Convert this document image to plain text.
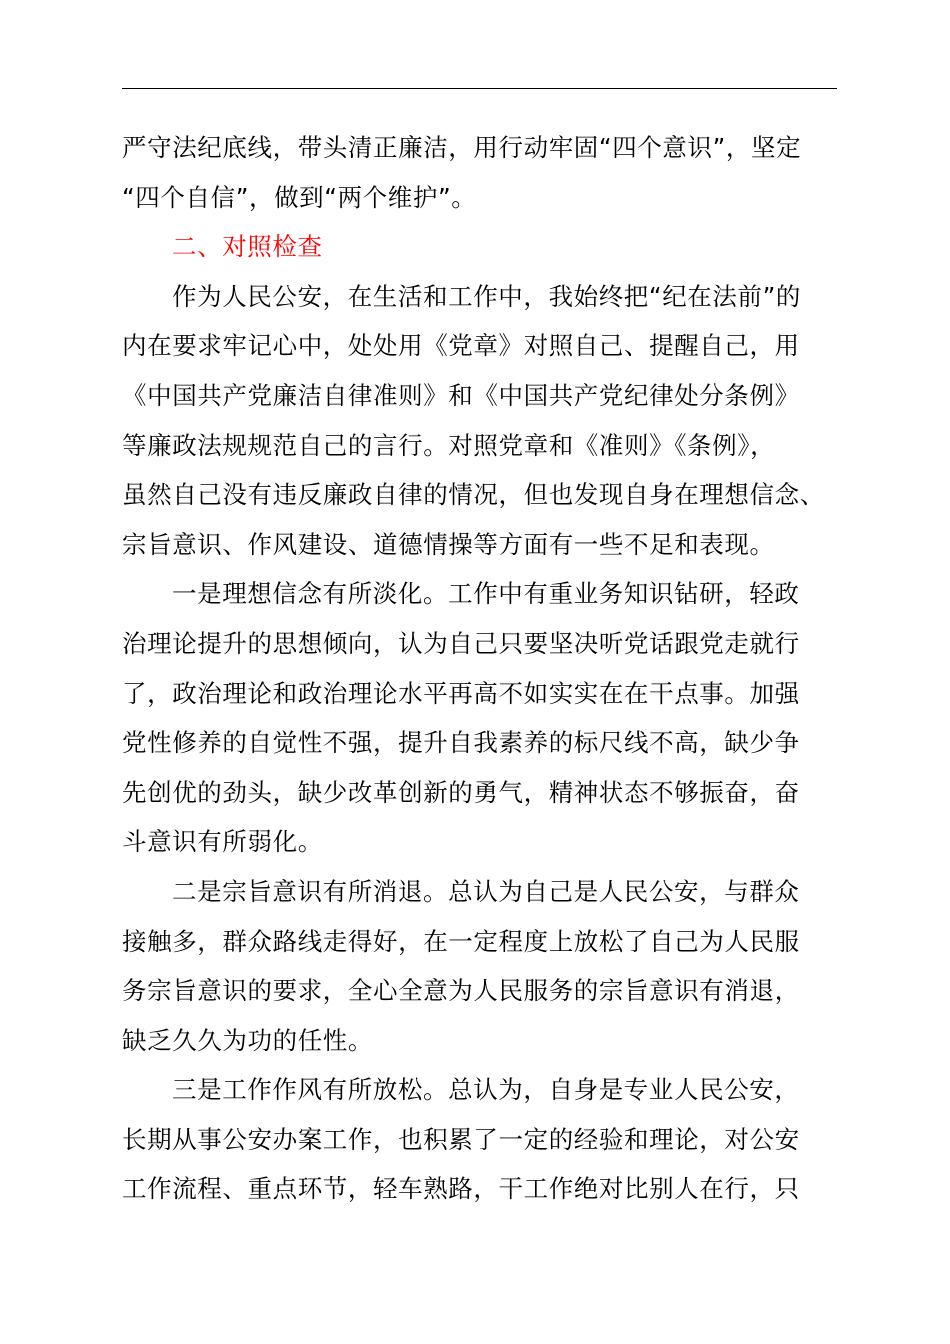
严守法纪底线，带头清正廉洁，用行动牢固“四个意识”，坚定
“四个自信”，做到“两个维护”。
二、对照检查
作为人民公安，在生活和工作中，我始终把“纪在法前”的
内在要求牢记心中，处处用《党章》对照自己、提醒自己，用
《中国共产党廉洁自律准则》和《中国共产党纪律处分条例》
等廉政法规规范自己的言行。对照党章和《准则》《条例》，
虽然自己没有违反廉政自律的情况，但也发现自身在理想信念、
宗旨意识、作风建设、道德情操等方面有一些不足和表现。
一是理想信念有所淡化。工作中有重业务知识钻研，轻政
治理论提升的思想倾向，认为自己只要坚决听党话跟党走就行
了，政治理论和政治理论水平再高不如实实在在干点事。加强
党性修养的自觉性不强，提升自我素养的标尺线不高，缺少争
先创优的劲头，缺少改革创新的勇气，精神状态不够振奋，奋
斗意识有所弱化。
二是宗旨意识有所消退。总认为自己是人民公安，与群众
接触多，群众路线走得好，在一定程度上放松了自己为人民服
务宗旨意识的要求，全心全意为人民服务的宗旨意识有消退，
缺乏久久为功的任性。
三是工作作风有所放松。总认为，自身是专业人民公安，
长期从事公安办案工作，也积累了一定的经验和理论，对公安
工作流程、重点环节，轻车熟路，干工作绝对比别人在行，只
